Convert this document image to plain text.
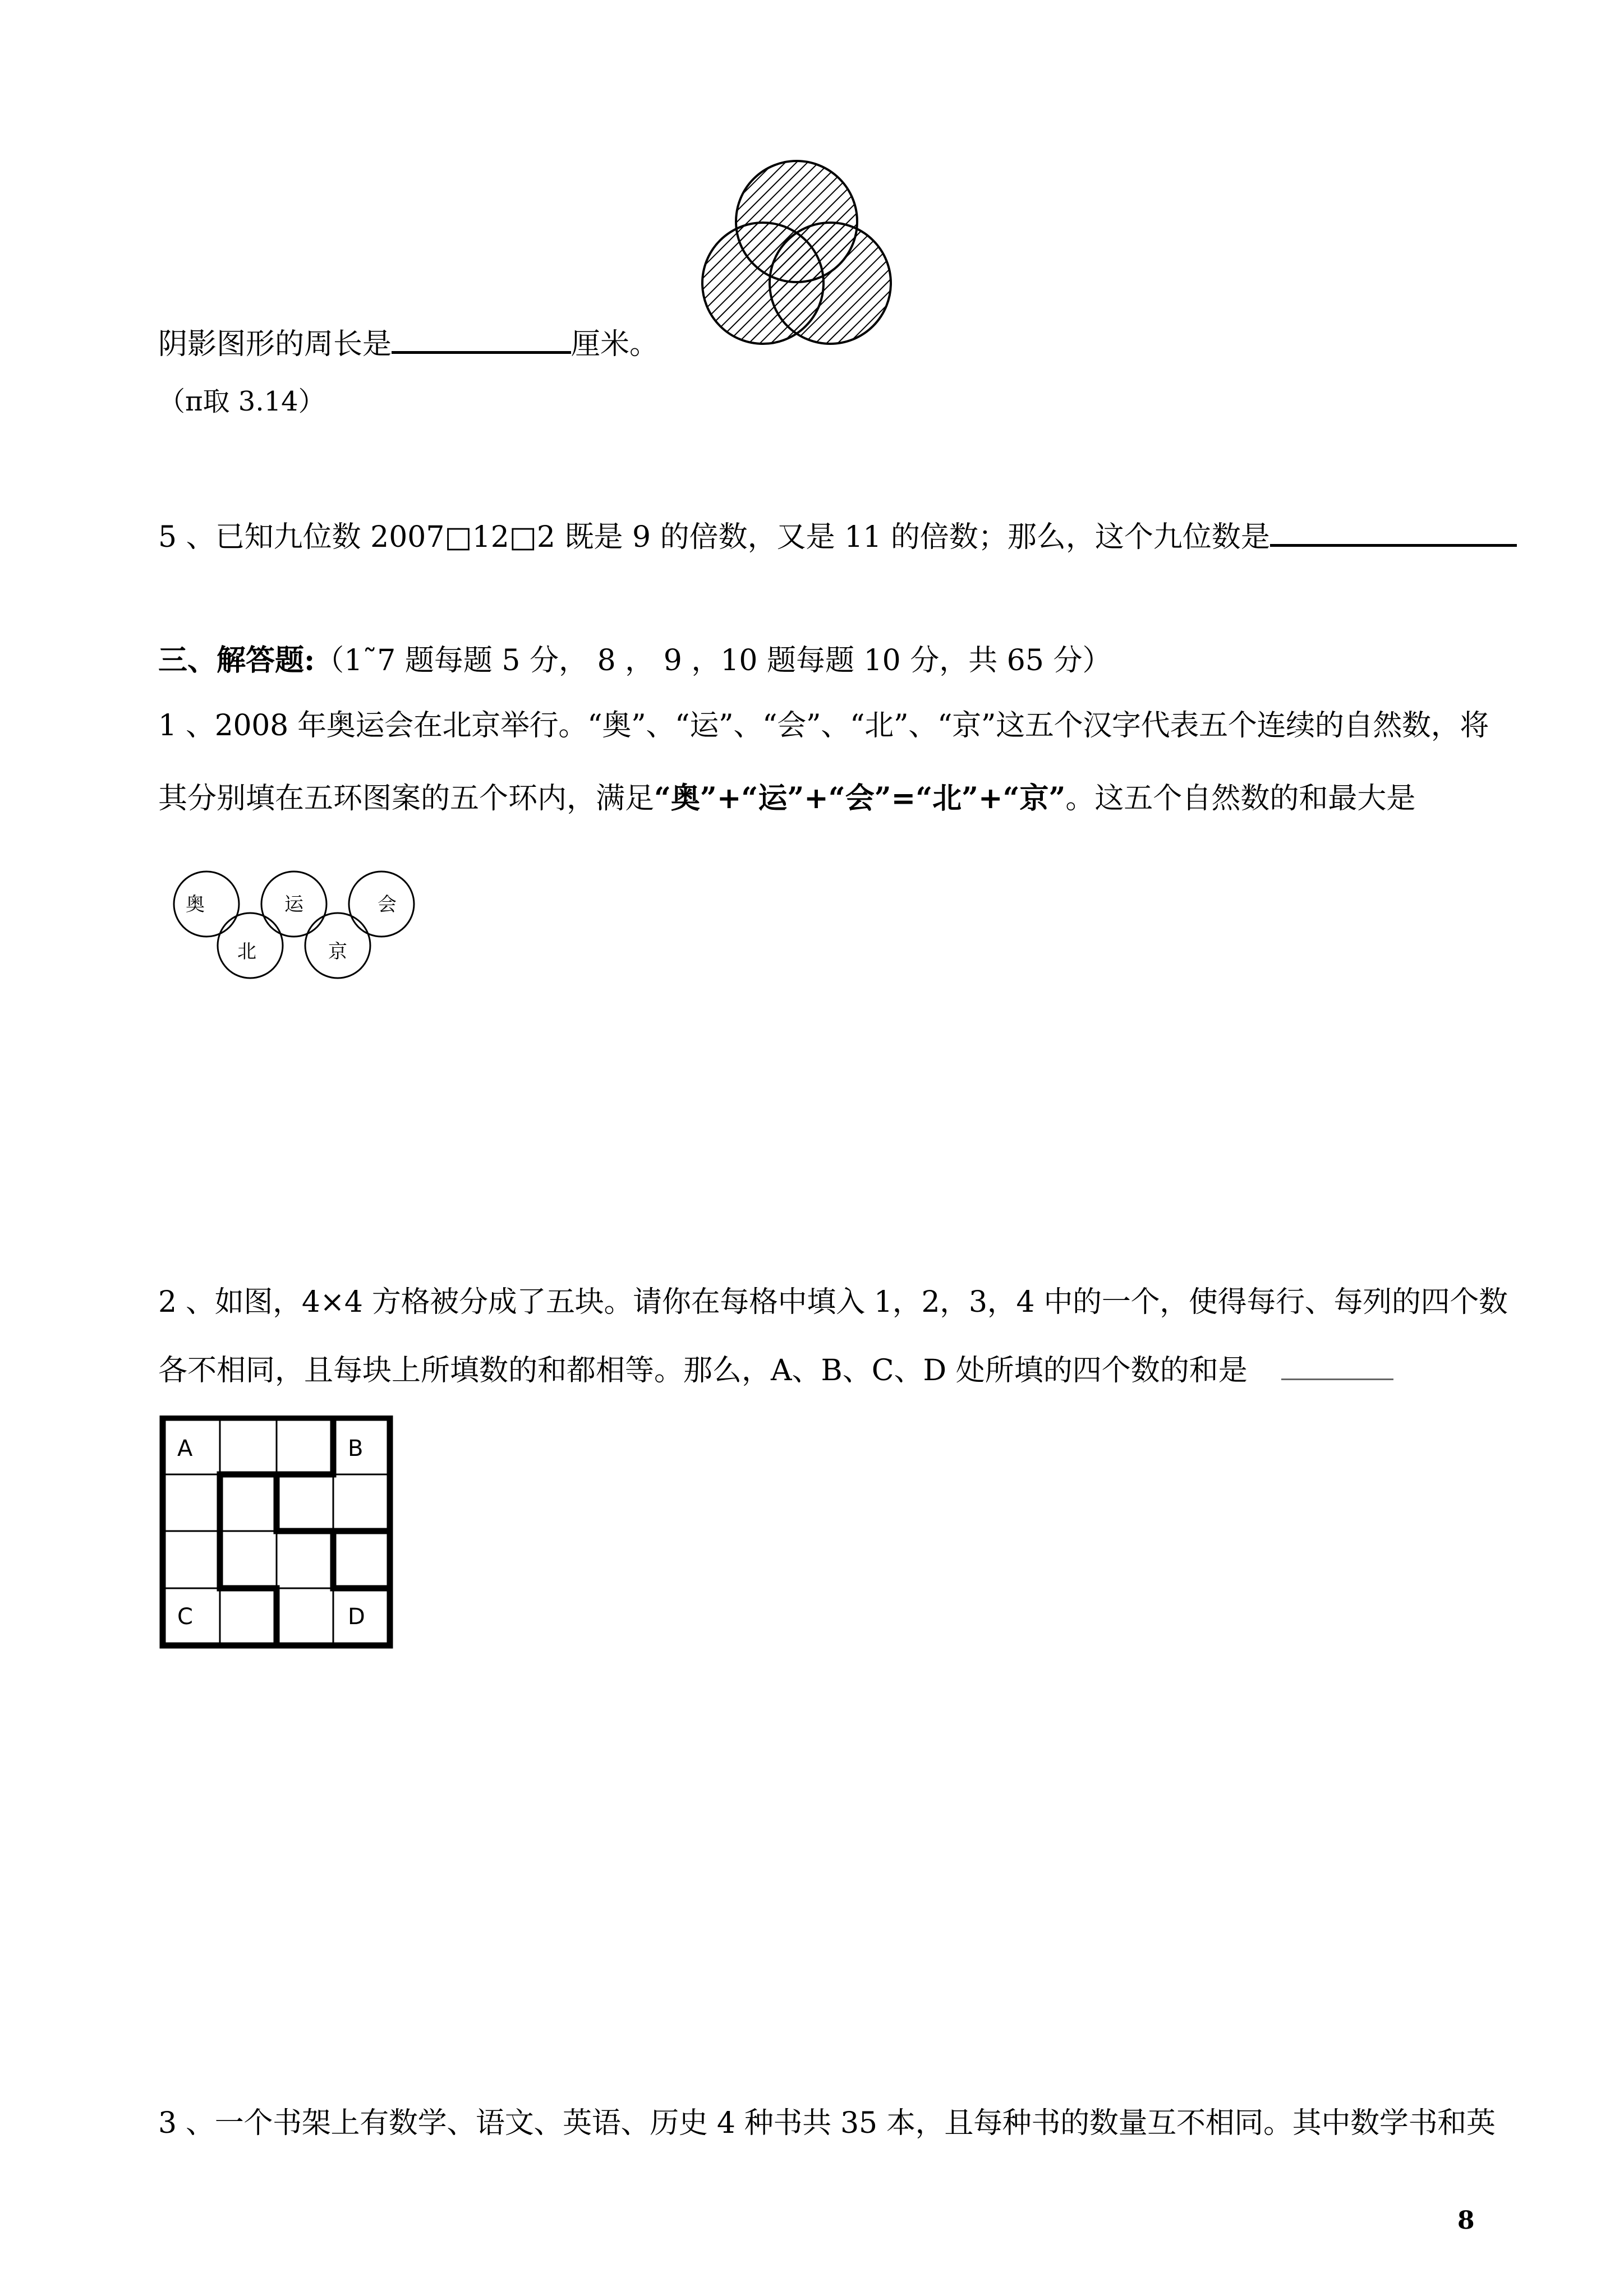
阴影图形的周长是	厘米。
（π取 3.14）
5 、已知九位数 2007□12□2 既是 9 的倍数，又是 11 的倍数；那么，这个九位数是
三、解答题:（1˜7 题每题 5 分， 8 ， 9 ，10 题每题 10 分，共 65 分）
1 、2008 年奥运会在北京举行。“奥”、“运”、“会”、“北”、“京”这五个汉字代表五个连续的自然数，将
其分别填在五环图案的五个环内，满足“奥”+“运”+“会”=“北”+“京”。这五个自然数的和最大是
奥	运	会
北	京
2 、如图，4×4 方格被分成了五块。请你在每格中填入 1，2，3，4 中的一个，使得每行、每列的四个数
各不相同，且每块上所填数的和都相等。那么，A、B、C、D 处所填的四个数的和是
A	B
C	D
3 、一个书架上有数学、语文、英语、历史 4 种书共 35 本，且每种书的数量互不相同。其中数学书和英
8
